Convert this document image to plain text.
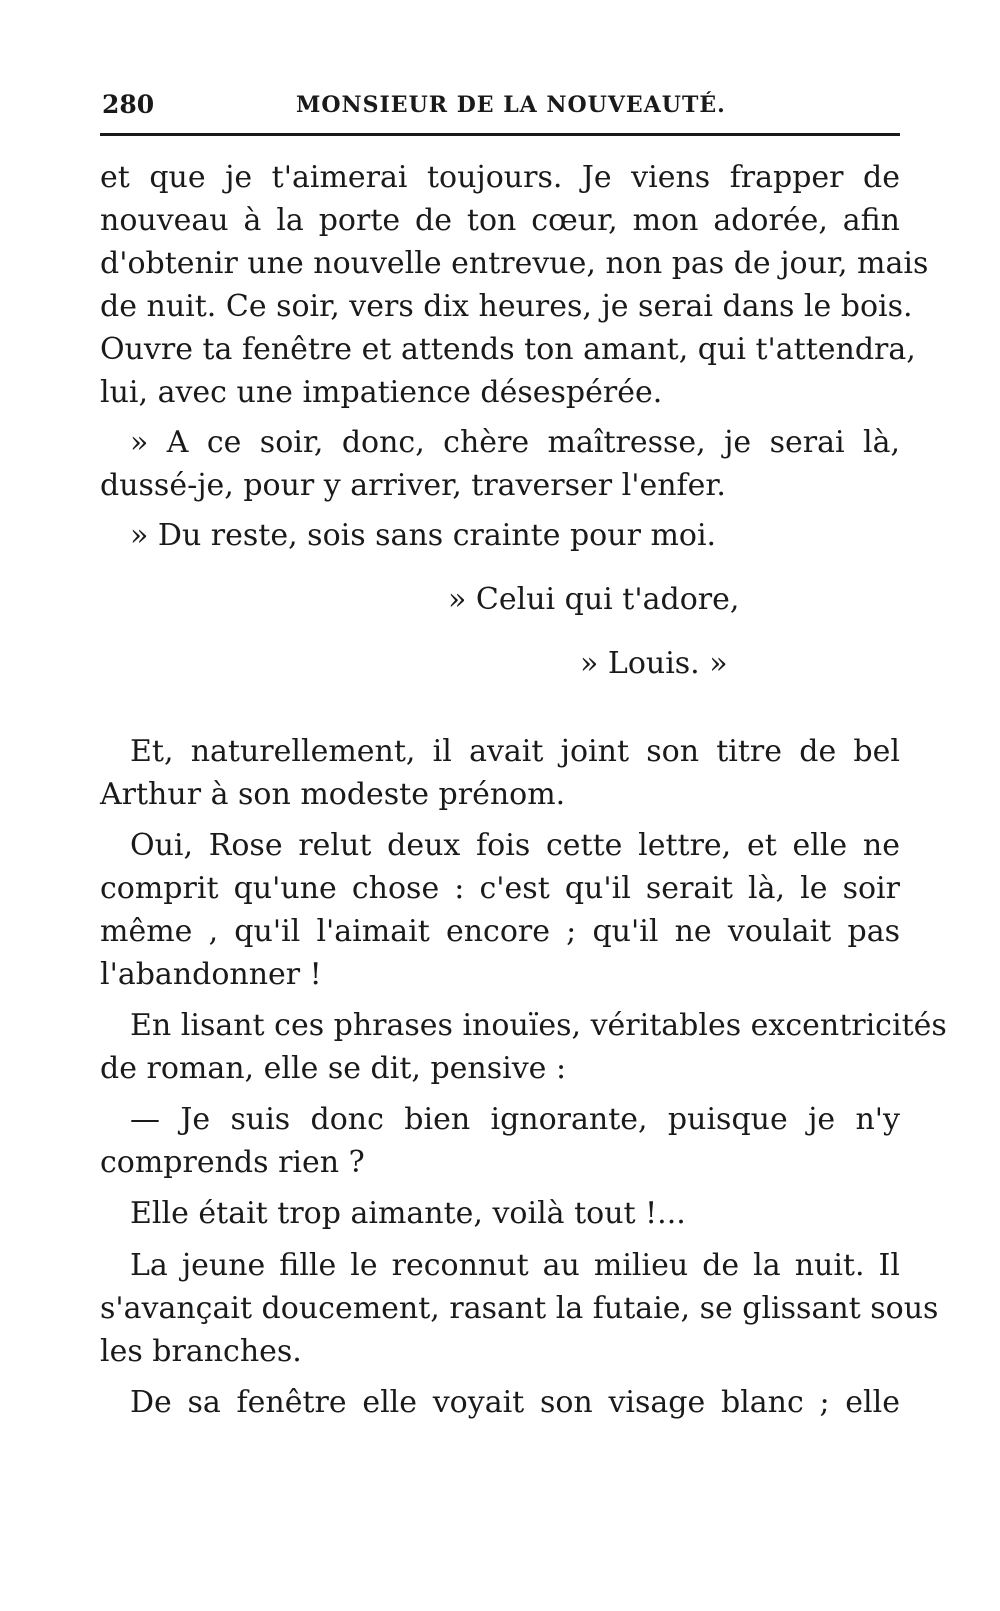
280	MONSIEUR DE LA NOUVEAUTÉ.
et que je t'aimerai toujours. Je viens frapper de
nouveau à la porte de ton cœur, mon adorée, afin
d'obtenir une nouvelle entrevue, non pas de jour, mais
de nuit. Ce soir, vers dix heures, je serai dans le bois.
Ouvre ta fenêtre et attends ton amant, qui t'attendra,
lui, avec une impatience désespérée.
» A ce soir, donc, chère maîtresse, je serai là,
dussé-je, pour y arriver, traverser l'enfer.
» Du reste, sois sans crainte pour moi.
» Celui qui t'adore,
» Louis. »
Et, naturellement, il avait joint son titre de bel
Arthur à son modeste prénom.
Oui, Rose relut deux fois cette lettre, et elle ne
comprit qu'une chose : c'est qu'il serait là, le soir
même , qu'il l'aimait encore ; qu'il ne voulait pas
l'abandonner !
En lisant ces phrases inouïes, véritables excentricités
de roman, elle se dit, pensive :
— Je suis donc bien ignorante, puisque je n'y
comprends rien ?
Elle était trop aimante, voilà tout !...
La jeune fille le reconnut au milieu de la nuit. Il
s'avançait doucement, rasant la futaie, se glissant sous
les branches.
De sa fenêtre elle voyait son visage blanc ; elle
